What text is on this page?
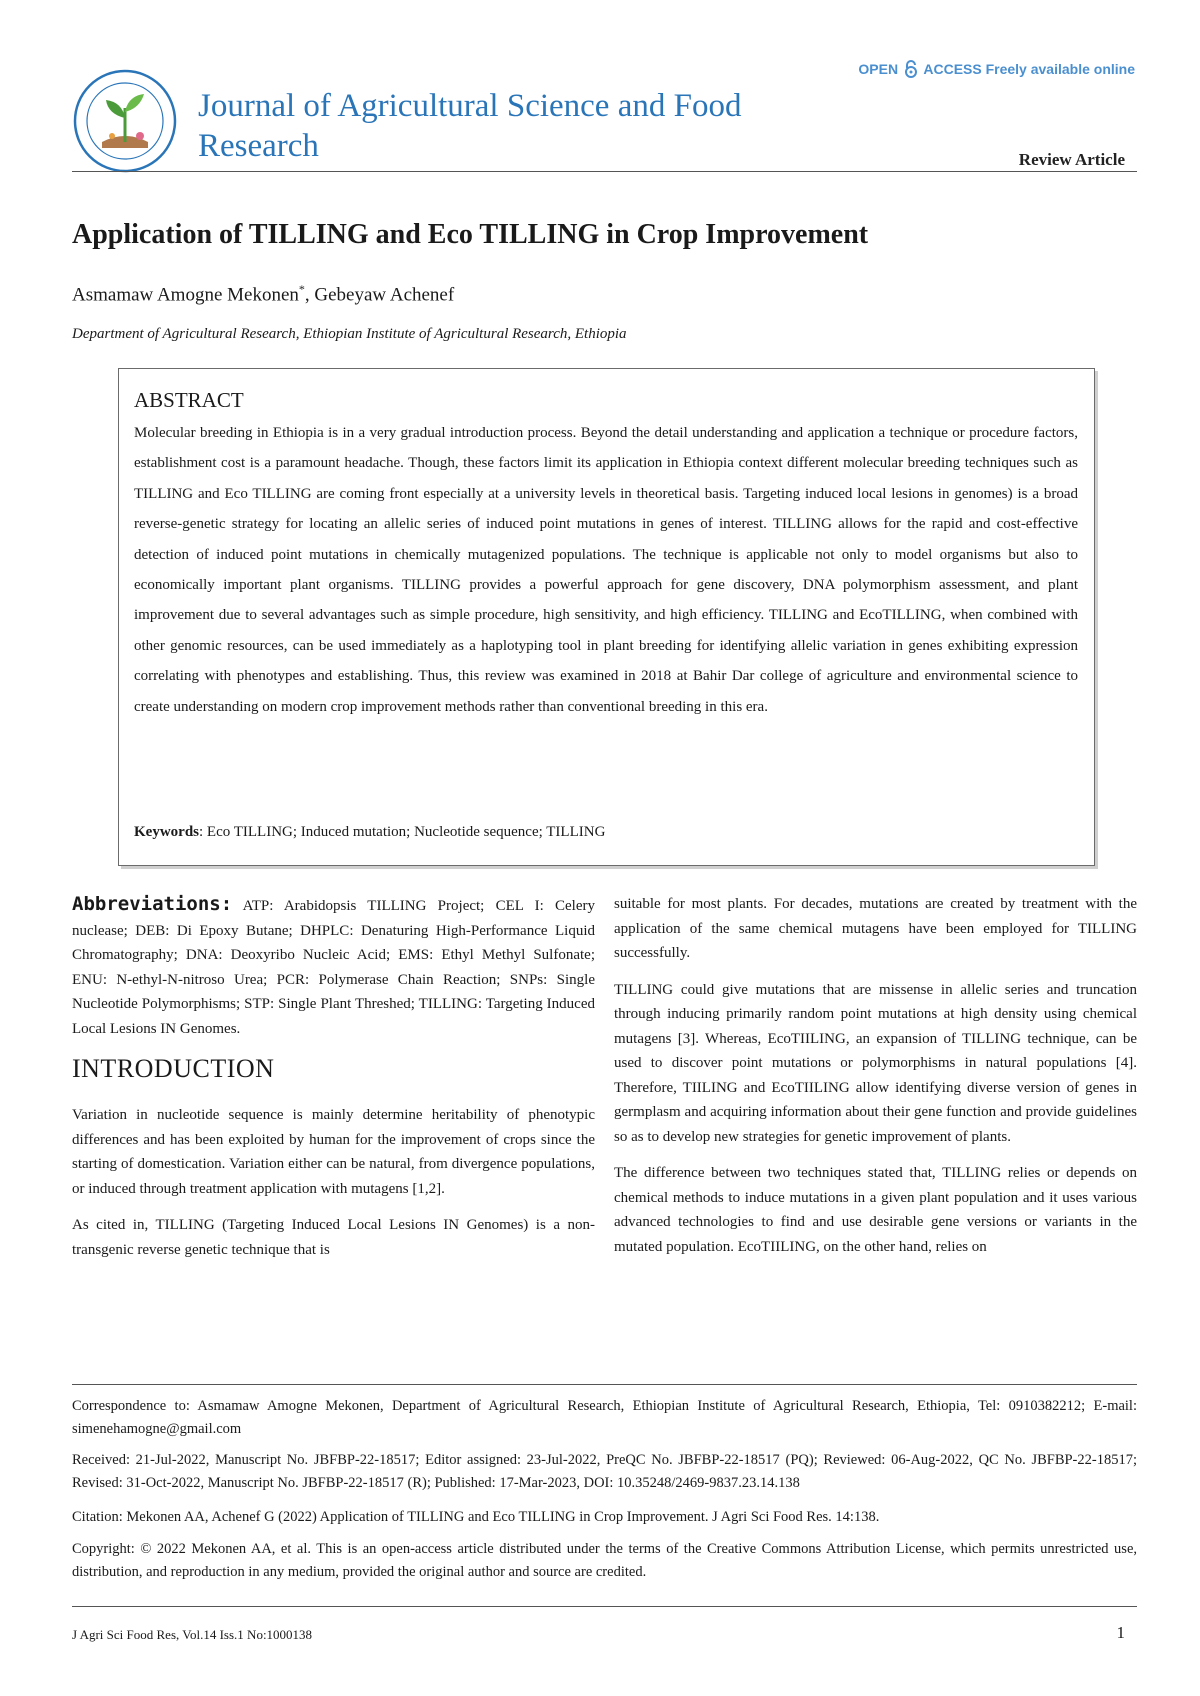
Journal of Agricultural Science and Food Research
OPEN ACCESS Freely available online
Review Article
Application of TILLING and Eco TILLING in Crop Improvement
Asmamaw Amogne Mekonen*, Gebeyaw Achenef
Department of Agricultural Research, Ethiopian Institute of Agricultural Research, Ethiopia
ABSTRACT

Molecular breeding in Ethiopia is in a very gradual introduction process. Beyond the detail understanding and application a technique or procedure factors, establishment cost is a paramount headache. Though, these factors limit its application in Ethiopia context different molecular breeding techniques such as TILLING and Eco TILLING are coming front especially at a university levels in theoretical basis. Targeting induced local lesions in genomes) is a broad reverse-genetic strategy for locating an allelic series of induced point mutations in genes of interest. TILLING allows for the rapid and cost-effective detection of induced point mutations in chemically mutagenized populations. The technique is applicable not only to model organisms but also to economically important plant organisms. TILLING provides a powerful approach for gene discovery, DNA polymorphism assessment, and plant improvement due to several advantages such as simple procedure, high sensitivity, and high efficiency. TILLING and EcoTILLING, when combined with other genomic resources, can be used immediately as a haplotyping tool in plant breeding for identifying allelic variation in genes exhibiting expression correlating with phenotypes and establishing. Thus, this review was examined in 2018 at Bahir Dar college of agriculture and environmental science to create understanding on modern crop improvement methods rather than conventional breeding in this era.

Keywords: Eco TILLING; Induced mutation; Nucleotide sequence; TILLING

Abbreviations: ATP: Arabidopsis TILLING Project; CEL I: Celery nuclease; DEB: Di Epoxy Butane; DHPLC: Denaturing High-Performance Liquid Chromatography; DNA: Deoxyribo Nucleic Acid; EMS: Ethyl Methyl Sulfonate; ENU: N-ethyl-N-nitroso Urea; PCR: Polymerase Chain Reaction; SNPs: Single Nucleotide Polymorphisms; STP: Single Plant Threshed; TILLING: Targeting Induced Local Lesions IN Genomes.

INTRODUCTION

Variation in nucleotide sequence is mainly determine heritability of phenotypic differences and has been exploited by human for the improvement of crops since the starting of domestication. Variation either can be natural, from divergence populations, or induced through treatment application with mutagens [1,2].

As cited in, TILLING (Targeting Induced Local Lesions IN Genomes) is a non-transgenic reverse genetic technique that is

suitable for most plants. For decades, mutations are created by treatment with the application of the same chemical mutagens have been employed for TILLING successfully.

TILLING could give mutations that are missense in allelic series and truncation through inducing primarily random point mutations at high density using chemical mutagens [3]. Whereas, EcoTIILING, an expansion of TILLING technique, can be used to discover point mutations or polymorphisms in natural populations [4]. Therefore, TIILING and EcoTIILING allow identifying diverse version of genes in germplasm and acquiring information about their gene function and provide guidelines so as to develop new strategies for genetic improvement of plants.

The difference between two techniques stated that, TILLING relies or depends on chemical methods to induce mutations in a given plant population and it uses various advanced technologies to find and use desirable gene versions or variants in the mutated population. EcoTIILING, on the other hand, relies on

Correspondence to: Asmamaw Amogne Mekonen, Department of Agricultural Research, Ethiopian Institute of Agricultural Research, Ethiopia, Tel: 0910382212; E-mail: simenehamogne@gmail.com
Received: 21-Jul-2022, Manuscript No. JBFBP-22-18517; Editor assigned: 23-Jul-2022, PreQC No. JBFBP-22-18517 (PQ); Reviewed: 06-Aug-2022, QC No. JBFBP-22-18517; Revised: 31-Oct-2022, Manuscript No. JBFBP-22-18517 (R); Published: 17-Mar-2023, DOI: 10.35248/2469-9837.23.14.138
Citation: Mekonen AA, Achenef G (2022) Application of TILLING and Eco TILLING in Crop Improvement. J Agri Sci Food Res. 14:138.
Copyright: © 2022 Mekonen AA, et al. This is an open-access article distributed under the terms of the Creative Commons Attribution License, which permits unrestricted use, distribution, and reproduction in any medium, provided the original author and source are credited.
J Agri Sci Food Res, Vol.14 Iss.1 No:1000138	1
